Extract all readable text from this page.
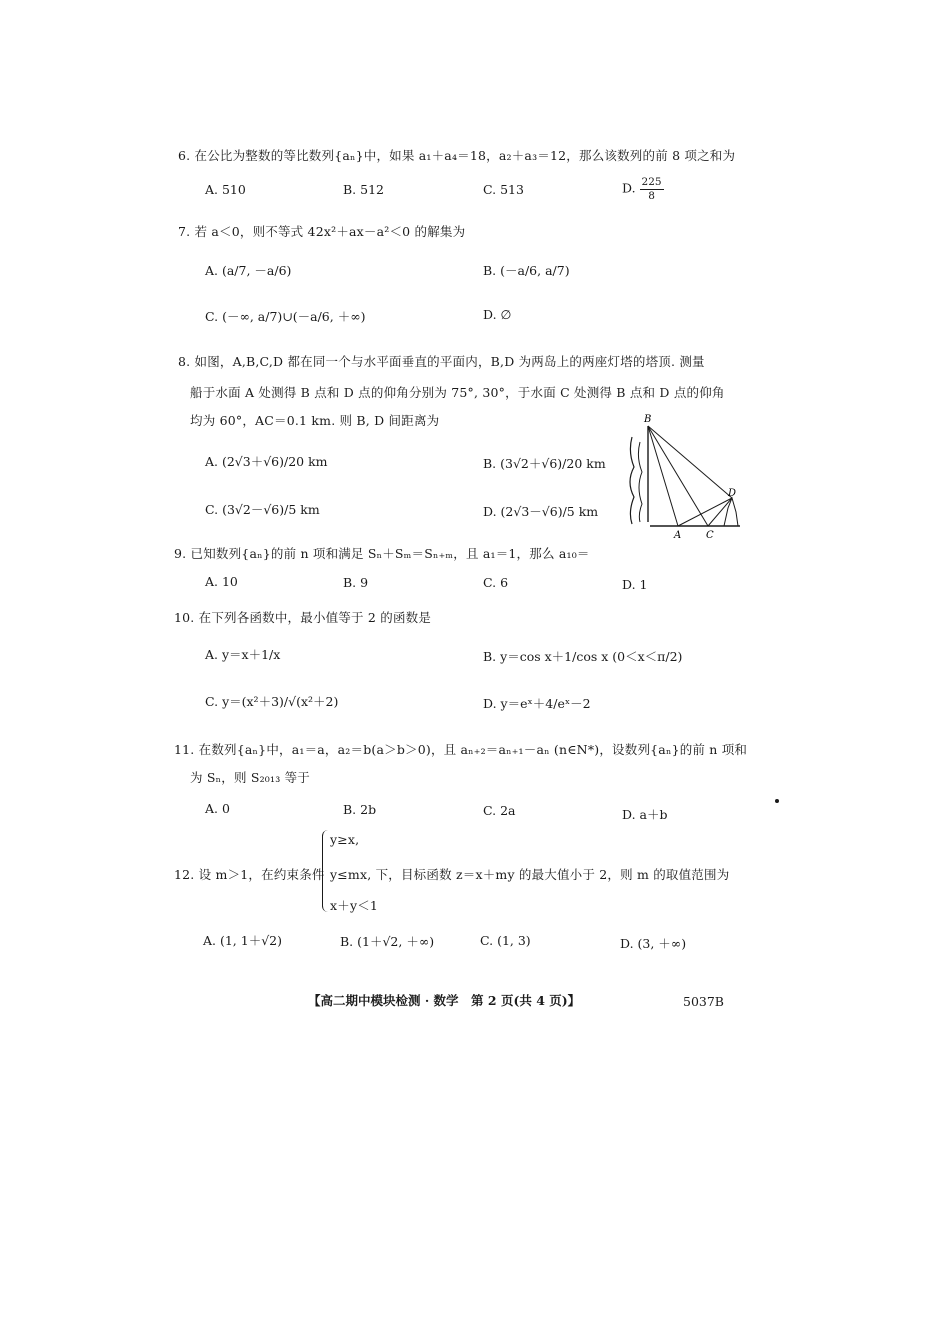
6. 在公比为整数的等比数列{aₙ}中，如果 a₁＋a₄＝18，a₂＋a₃＝12，那么该数列的前 8 项之和为
A. 510	B. 512	C. 513	D. $\frac{225}{8}$
7. 若 a＜0，则不等式 42x²＋ax－a²＜0 的解集为
A. (a/7, －a/6)	B. (－a/6, a/7)
C. (－∞, a/7)∪(－a/6, ＋∞)	D. ∅
8. 如图，A,B,C,D 都在同一个与水平面垂直的平面内，B,D 为两岛上的两座灯塔的塔顶. 测量
船于水面 A 处测得 B 点和 D 点的仰角分别为 75°, 30°，于水面 C 处测得 B 点和 D 点的仰角
均为 60°，AC＝0.1 km. 则 B, D 间距离为
A. (2√3＋√6)/20 km	B. (3√2＋√6)/20 km
C. (3√2－√6)/5 km	D. (2√3－√6)/5 km
B
D
A C
9. 已知数列{aₙ}的前 n 项和满足 Sₙ＋Sₘ＝Sₙ₊ₘ，且 a₁＝1，那么 a₁₀＝
A. 10	B. 9	C. 6	D. 1
10. 在下列各函数中，最小值等于 2 的函数是
A. y＝x＋1/x	B. y＝cos x＋1/cos x (0＜x＜π/2)
C. y＝(x²＋3)/√(x²＋2)	D. y＝eˣ＋4/eˣ－2
11. 在数列{aₙ}中，a₁＝a，a₂＝b(a＞b＞0)，且 aₙ₊₂＝aₙ₊₁－aₙ (n∈N*)，设数列{aₙ}的前 n 项和
为 Sₙ，则 S₂₀₁₃ 等于
A. 0	B. 2b	C. 2a	D. a＋b
12. 设 m＞1，在约束条件
y≥x,
y≤mx, 下，目标函数 z＝x＋my 的最大值小于 2，则 m 的取值范围为
x＋y＜1
A. (1, 1＋√2)	B. (1＋√2, ＋∞)	C. (1, 3)	D. (3, ＋∞)
【高二期中模块检测 · 数学　第 2 页(共 4 页)】	5037B
